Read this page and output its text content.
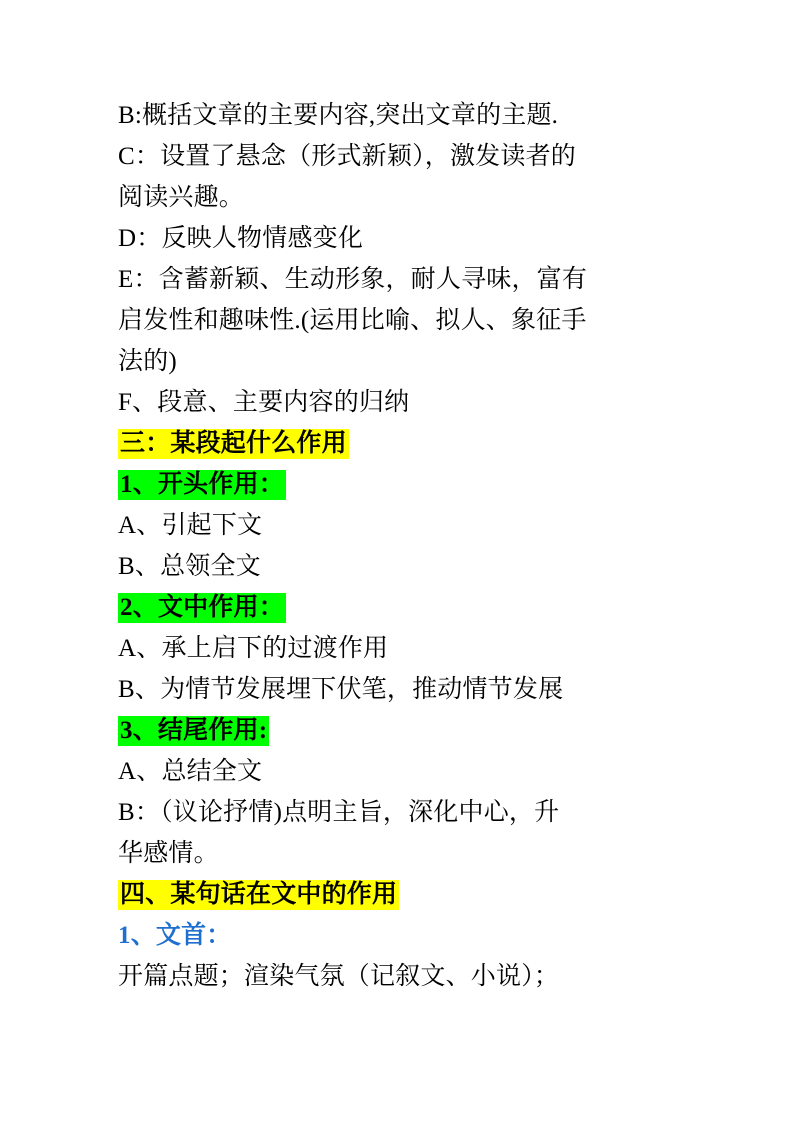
B:概括文章的主要内容,突出文章的主题.
C：设置了悬念（形式新颖），激发读者的
阅读兴趣。
D：反映人物情感变化
E：含蓄新颖、生动形象，耐人寻味，富有
启发性和趣味性.(运用比喻、拟人、象征手
法的)
F、段意、主要内容的归纳
三：某段起什么作用
1、开头作用：
A、引起下文
B、总领全文
2、文中作用：
A、承上启下的过渡作用
B、为情节发展埋下伏笔，推动情节发展
3、结尾作用:
A、总结全文
B：（议论抒情)点明主旨，深化中心，升
华感情。
四、某句话在文中的作用
1、文首：
开篇点题；渲染气氛（记叙文、小说）；
